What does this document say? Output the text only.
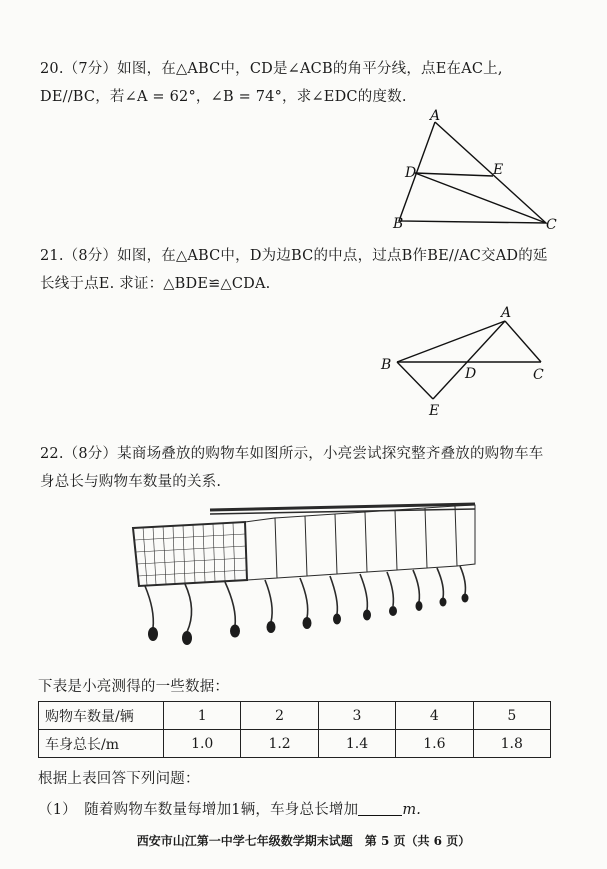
20.（7分）如图，在△ABC中，CD是∠ACB的角平分线，点E在AC上,
DE//BC，若∠A = 62°，∠B = 74°，求∠EDC的度数.
A
D	E
B	C
21.（8分）如图，在△ABC中，D为边BC的中点，过点B作BE//AC交AD的延
长线于点E. 求证：△BDE≌△CDA.
A
B
C
D
E
22.（8分）某商场叠放的购物车如图所示，小亮尝试探究整齐叠放的购物车车
身总长与购物车数量的关系.
下表是小亮测得的一些数据：
购物车数量/辆	1	2	3	4	5
车身总长/m	1.0	1.2	1.4	1.6	1.8
根据上表回答下列问题：
（1）　随着购物车数量每增加1辆，车身总长增加	m.
西安市山江第一中学七年级数学期末试题　第 5 页（共 6 页）
